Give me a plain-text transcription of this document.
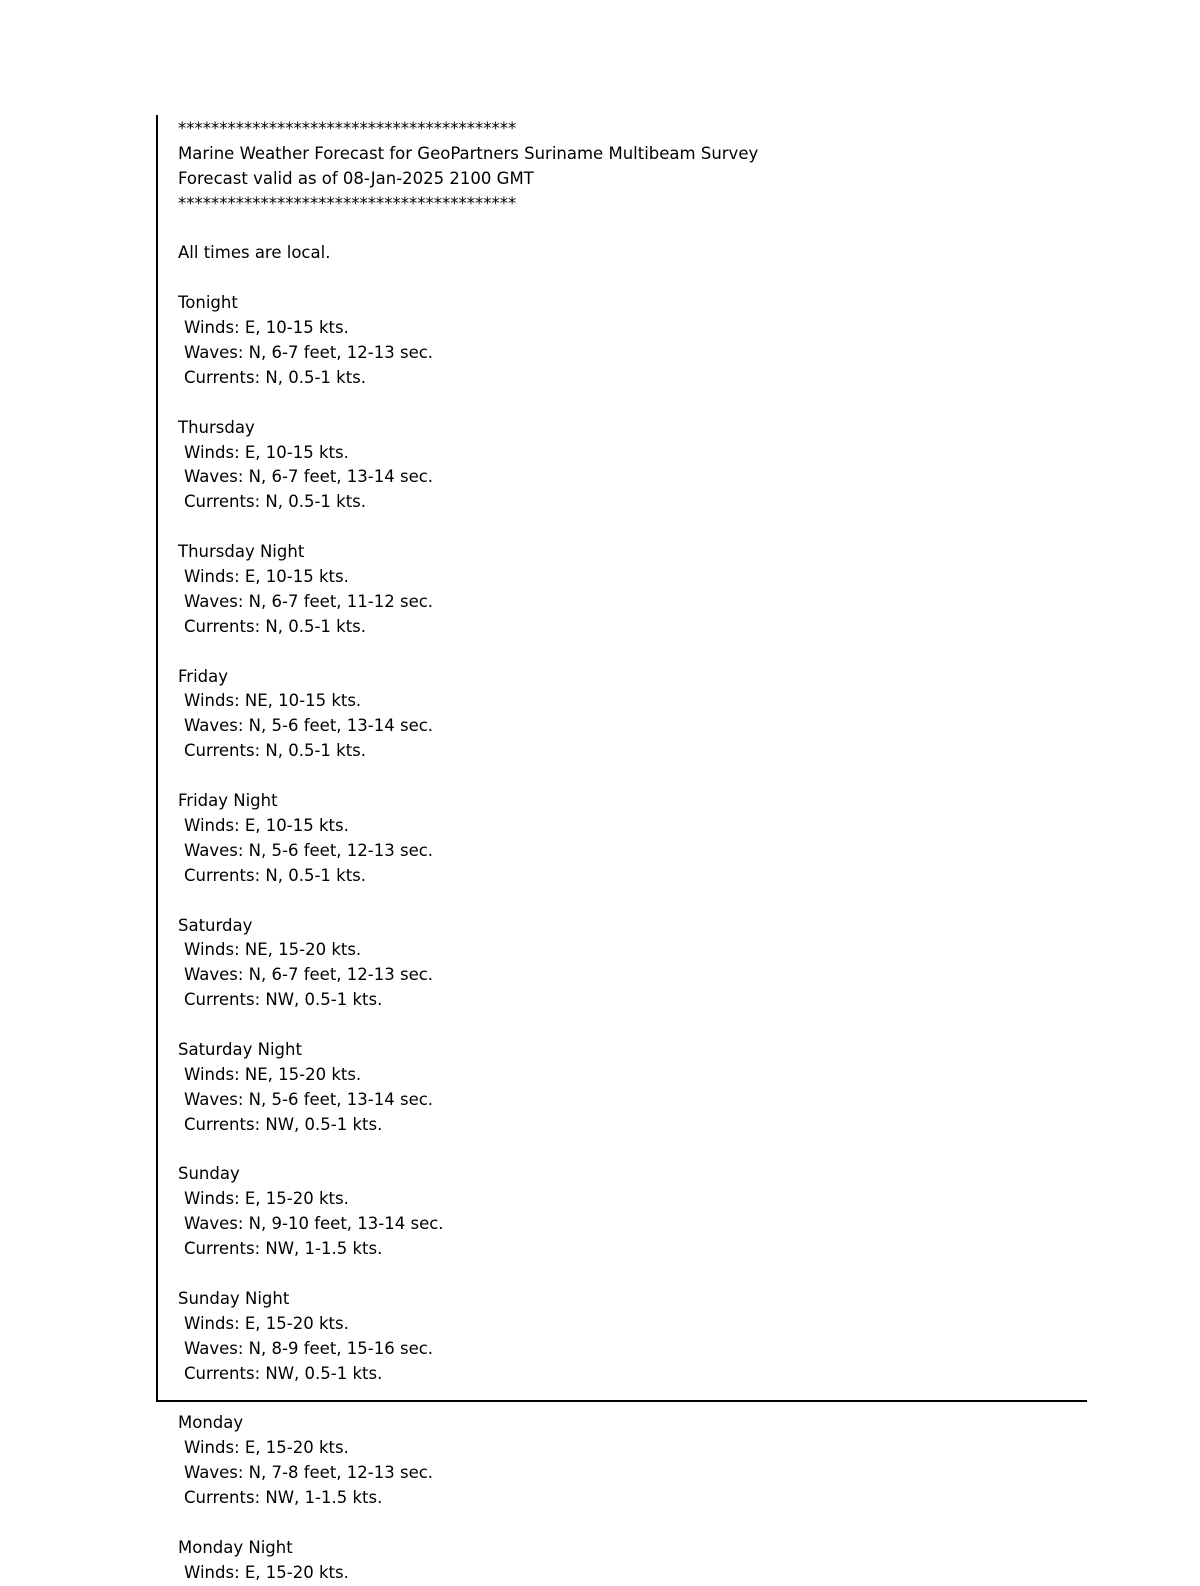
*****************************************
Marine Weather Forecast for GeoPartners Suriname Multibeam Survey
Forecast valid as of 08-Jan-2025 2100 GMT
*****************************************
All times are local.
Tonight
Winds: E, 10-15 kts.
Waves: N, 6-7 feet, 12-13 sec.
Currents: N, 0.5-1 kts.
Thursday
Winds: E, 10-15 kts.
Waves: N, 6-7 feet, 13-14 sec.
Currents: N, 0.5-1 kts.
Thursday Night
Winds: E, 10-15 kts.
Waves: N, 6-7 feet, 11-12 sec.
Currents: N, 0.5-1 kts.
Friday
Winds: NE, 10-15 kts.
Waves: N, 5-6 feet, 13-14 sec.
Currents: N, 0.5-1 kts.
Friday Night
Winds: E, 10-15 kts.
Waves: N, 5-6 feet, 12-13 sec.
Currents: N, 0.5-1 kts.
Saturday
Winds: NE, 15-20 kts.
Waves: N, 6-7 feet, 12-13 sec.
Currents: NW, 0.5-1 kts.
Saturday Night
Winds: NE, 15-20 kts.
Waves: N, 5-6 feet, 13-14 sec.
Currents: NW, 0.5-1 kts.
Sunday
Winds: E, 15-20 kts.
Waves: N, 9-10 feet, 13-14 sec.
Currents: NW, 1-1.5 kts.
Sunday Night
Winds: E, 15-20 kts.
Waves: N, 8-9 feet, 15-16 sec.
Currents: NW, 0.5-1 kts.
Monday
Winds: E, 15-20 kts.
Waves: N, 7-8 feet, 12-13 sec.
Currents: NW, 1-1.5 kts.
Monday Night
Winds: E, 15-20 kts.
